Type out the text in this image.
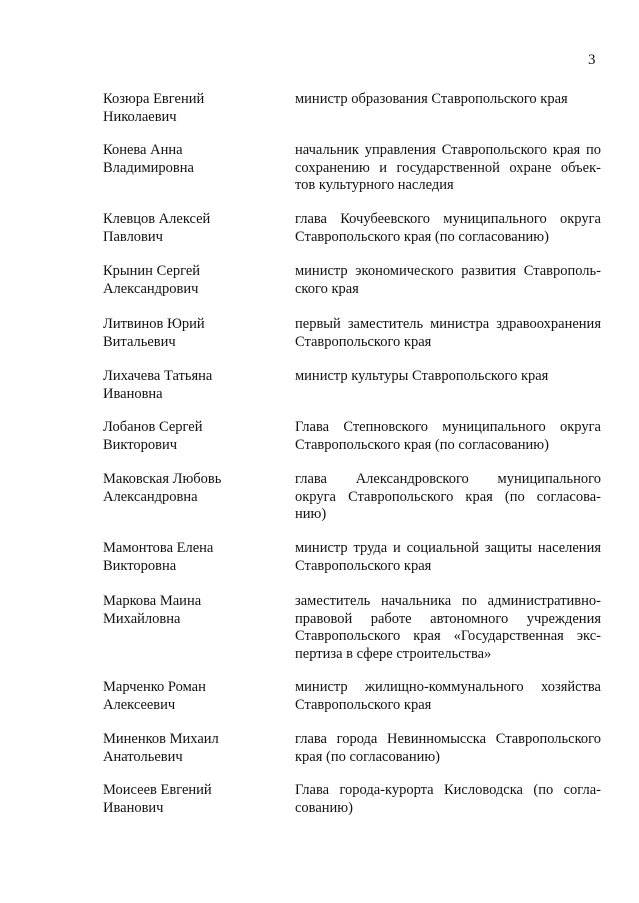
3
Козюра Евгений
Николаевич
министр образования Ставропольского края
Конева Анна
Владимировна
начальник управления Ставропольского края по
сохранению и государственной охране объек-
тов культурного наследия
Клевцов Алексей
Павлович
глава Кочубеевского муниципального округа
Ставропольского края (по согласованию)
Крынин Сергей
Александрович
министр экономического развития Ставрополь-
ского края
Литвинов Юрий
Витальевич
первый заместитель министра здравоохранения
Ставропольского края
Лихачева Татьяна
Ивановна
министр культуры Ставропольского края
Лобанов Сергей
Викторович
Глава Степновского муниципального округа
Ставропольского края (по согласованию)
Маковская Любовь
Александровна
глава Александровского муниципального
округа Ставропольского края (по согласова-
нию)
Мамонтова Елена
Викторовна
министр труда и социальной защиты населения
Ставропольского края
Маркова Маина
Михайловна
заместитель начальника по административно-
правовой работе автономного учреждения
Ставропольского края «Государственная экс-
пертиза в сфере строительства»
Марченко Роман
Алексеевич
министр жилищно-коммунального хозяйства
Ставропольского края
Миненков Михаил
Анатольевич
глава города Невинномысска Ставропольского
края (по согласованию)
Моисеев Евгений
Иванович
Глава города-курорта Кисловодска (по согла-
сованию)
